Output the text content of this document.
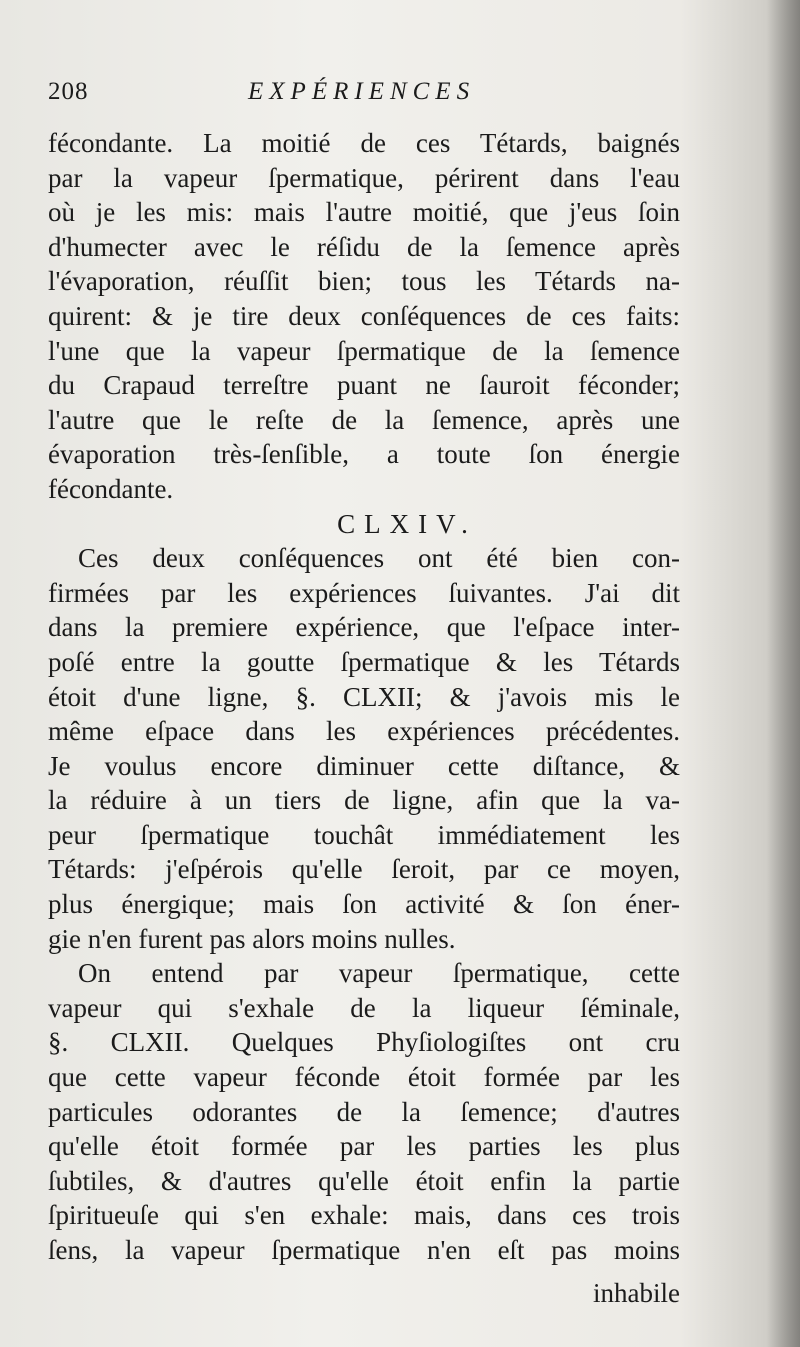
208	EXPÉRIENCES
fécondante. La moitié de ces Tétards, baignés
par la vapeur ſpermatique, périrent dans l'eau
où je les mis: mais l'autre moitié, que j'eus ſoin
d'humecter avec le réſidu de la ſemence après
l'évaporation, réuſſit bien; tous les Tétards na-
quirent: & je tire deux conſéquences de ces faits:
l'une que la vapeur ſpermatique de la ſemence
du Crapaud terreſtre puant ne ſauroit féconder;
l'autre que le reſte de la ſemence, après une
évaporation très-ſenſible, a toute ſon énergie
fécondante.
CLXIV.
Ces deux conſéquences ont été bien con-
firmées par les expériences ſuivantes. J'ai dit
dans la premiere expérience, que l'eſpace inter-
poſé entre la goutte ſpermatique & les Tétards
étoit d'une ligne, §. CLXII; & j'avois mis le
même eſpace dans les expériences précédentes.
Je voulus encore diminuer cette diſtance, &
la réduire à un tiers de ligne, afin que la va-
peur ſpermatique touchât immédiatement les
Tétards: j'eſpérois qu'elle ſeroit, par ce moyen,
plus énergique; mais ſon activité & ſon éner-
gie n'en furent pas alors moins nulles.
On entend par vapeur ſpermatique, cette
vapeur qui s'exhale de la liqueur ſéminale,
§. CLXII. Quelques Phyſiologiſtes ont cru
que cette vapeur féconde étoit formée par les
particules odorantes de la ſemence; d'autres
qu'elle étoit formée par les parties les plus
ſubtiles, & d'autres qu'elle étoit enfin la partie
ſpiritueuſe qui s'en exhale: mais, dans ces trois
ſens, la vapeur ſpermatique n'en eſt pas moins
inhabile
